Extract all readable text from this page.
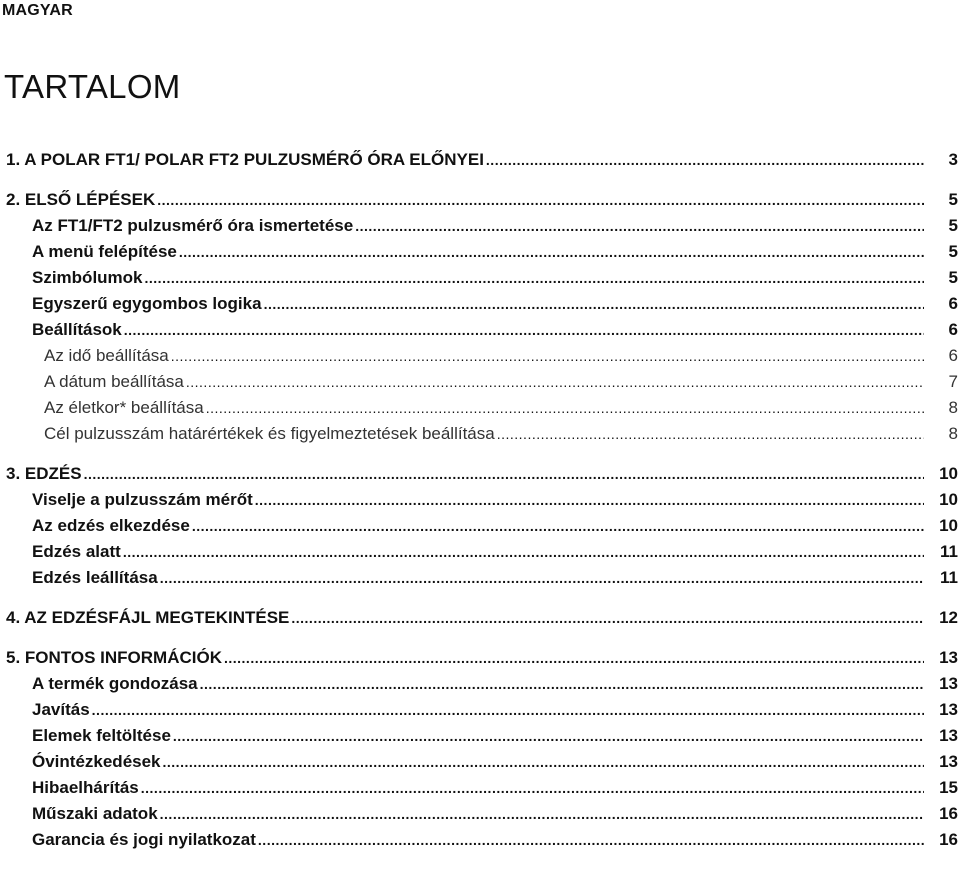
MAGYAR
TARTALOM
1. A POLAR FT1/ POLAR FT2 PULZUSMÉRŐ ÓRA ELŐNYEI .....	3
2. ELSŐ LÉPÉSEK .....	5
Az FT1/FT2 pulzusmérő óra ismertetése .....	5
A menü felépítése .....	5
Szimbólumok .....	5
Egyszerű egygombos logika .....	6
Beállítások .....	6
Az idő beállítása .....	6
A dátum beállítása .....	7
Az életkor* beállítása .....	8
Cél pulzusszám határértékek és figyelmeztetések beállítása .....	8
3. EDZÉS .....	10
Viselje a pulzusszám mérőt .....	10
Az edzés elkezdése .....	10
Edzés alatt .....	11
Edzés leállítása .....	11
4. AZ EDZÉSFÁJL MEGTEKINTÉSE .....	12
5. FONTOS INFORMÁCIÓK .....	13
A termék gondozása .....	13
Javítás .....	13
Elemek feltöltése .....	13
Óvintézkedések .....	13
Hibaelhárítás .....	15
Műszaki adatok .....	16
Garancia és jogi nyilatkozat .....	16
